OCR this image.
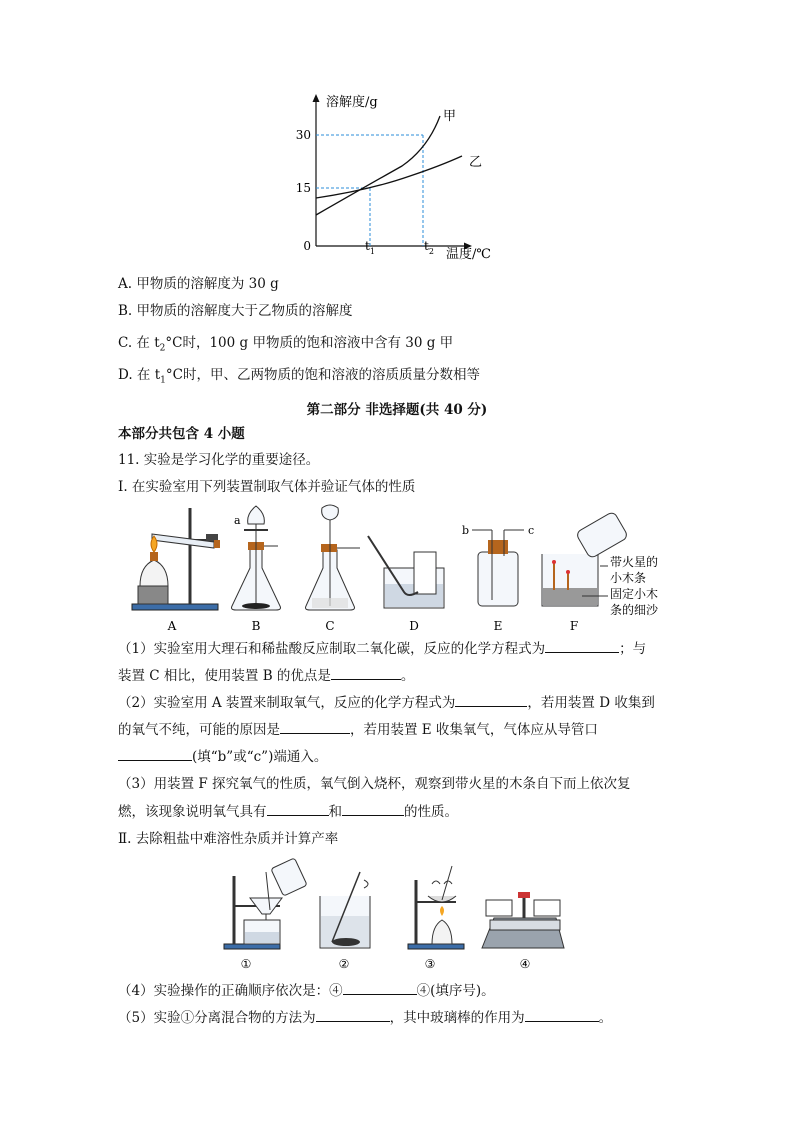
溶解度/g
温度/℃
0
30
15
$t_1$	$t_2$
甲
乙
A. 甲物质的溶解度为 30 g
B. 甲物质的溶解度大于乙物质的溶解度
C. 在 $t_2^\circ C$时，100 g 甲物质的饱和溶液中含有 30 g 甲
D. 在 $t_1^\circ C$时，甲、乙两物质的饱和溶液的溶质质量分数相等
第二部分 非选择题(共 40 分)
本部分共包含 4 小题
11. 实验是学习化学的重要途径。
Ⅰ. 在实验室用下列装置制取气体并验证气体的性质
a
b	c
带火星的
小木条
固定小木
条的细沙
A	B	C	D	E	F
（1）实验室用大理石和稀盐酸反应制取二氧化碳，反应的化学方程式为	；与
装置 C 相比，使用装置 B 的优点是	。
（2）实验室用 A 装置来制取氧气，反应的化学方程式为	，若用装置 D 收集到
的氧气不纯，可能的原因是	，若用装置 E 收集氧气，气体应从导管口
(填“b”或“c”)端通入。
（3）用装置 F 探究氧气的性质，氧气倒入烧杯，观察到带火星的木条自下而上依次复
燃，该现象说明氧气具有	和	的性质。
Ⅱ. 去除粗盐中难溶性杂质并计算产率
①	②	③	④
（4）实验操作的正确顺序依次是：④	④(填序号)。
（5）实验①分离混合物的方法为	，其中玻璃棒的作用为	。
